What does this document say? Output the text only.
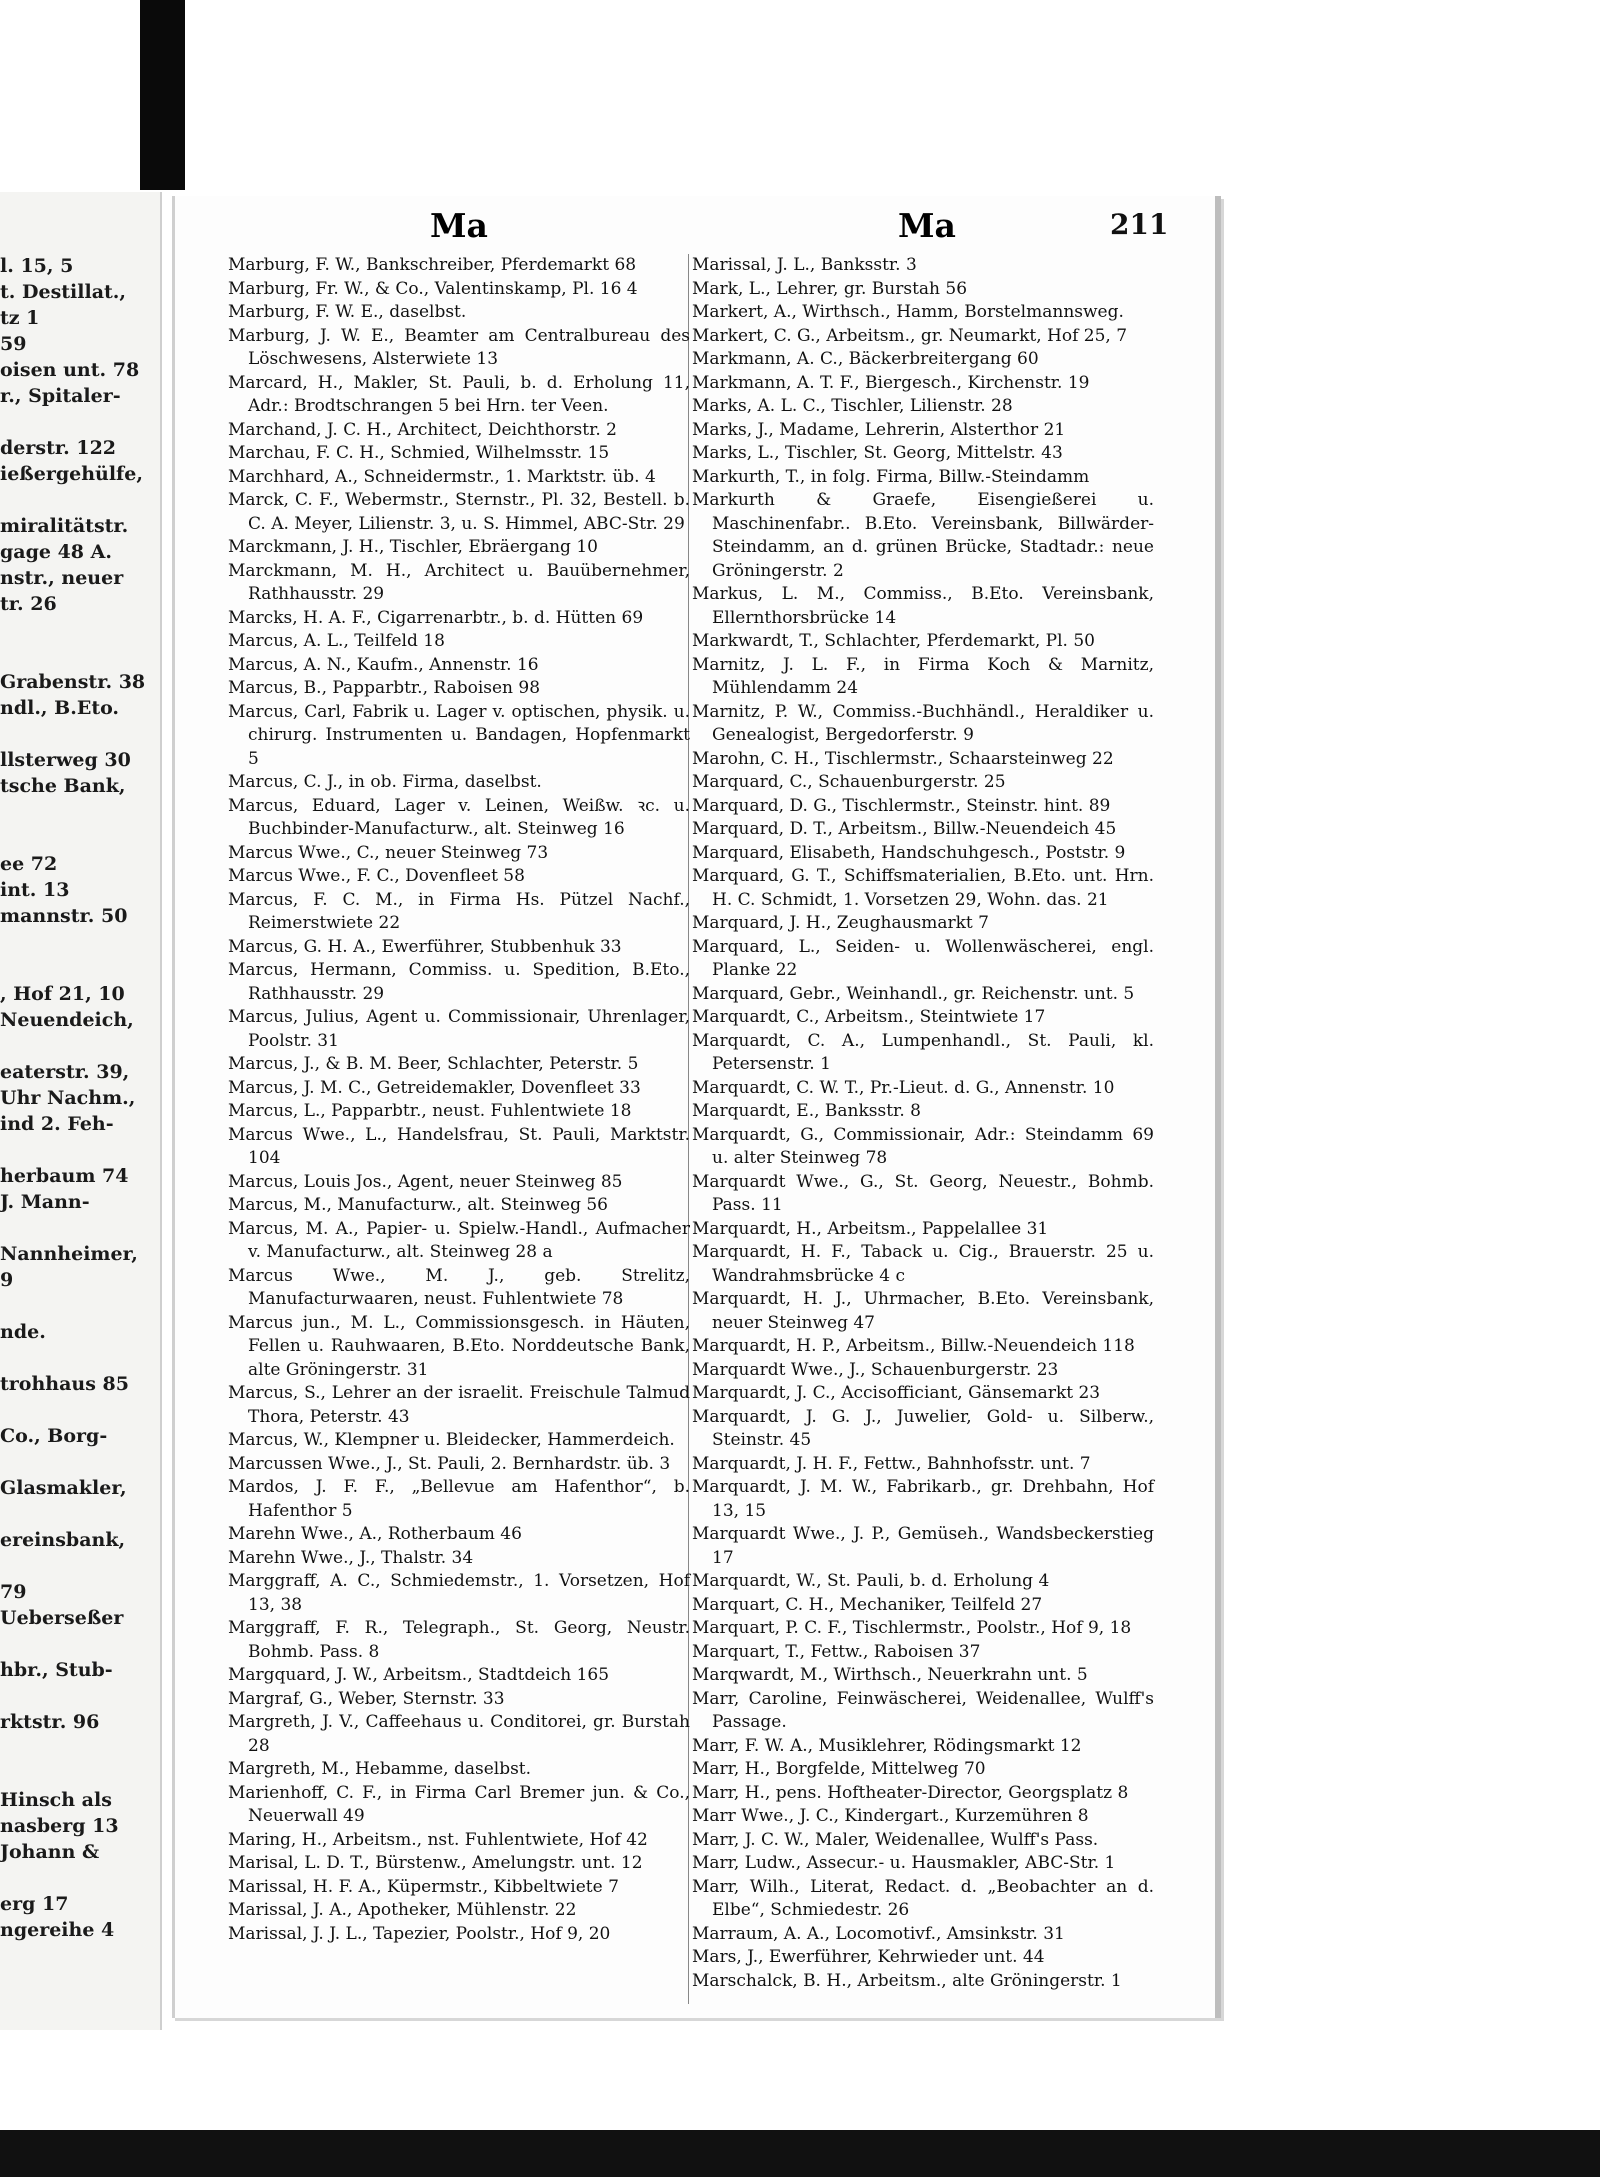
l. 15, 5
t. Destillat.,
tz 1
59
oisen unt. 78
r., Spitaler-
derstr. 122
ießergehülfe,
miralitätstr.
gage 48 A.
nstr., neuer
tr. 26
Grabenstr. 38
ndl., B.Eto.
llsterweg 30
tsche Bank,
ee 72
int. 13
mannstr. 50
, Hof 21, 10
Neuendeich,
eaterstr. 39,
Uhr Nachm.,
ind 2. Feh-
herbaum 74
J. Mann-
Nannheimer,
9
nde.
trohhaus 85
Co., Borg-
Glasmakler,
ereinsbank,
79
Ueberseßer
hbr., Stub-
rktstr. 96
Hinsch als
nasberg 13
Johann &
erg 17
ngereihe 4
Ma	Ma	211
Marburg, F. W., Bankschreiber, Pferdemarkt 68
Marburg, Fr. W., & Co., Valentinskamp, Pl. 16 4
Marburg, F. W. E., daselbst.
Marburg, J. W. E., Beamter am Centralbureau des Löschwesens, Alsterwiete 13
Marcard, H., Makler, St. Pauli, b. d. Erholung 11, Adr.: Brodtschrangen 5 bei Hrn. ter Veen.
Marchand, J. C. H., Architect, Deichthorstr. 2
Marchau, F. C. H., Schmied, Wilhelmsstr. 15
Marchhard, A., Schneidermstr., 1. Marktstr. üb. 4
Marck, C. F., Webermstr., Sternstr., Pl. 32, Bestell. b. C. A. Meyer, Lilienstr. 3, u. S. Himmel, ABC-Str. 29
Marckmann, J. H., Tischler, Ebräergang 10
Marckmann, M. H., Architect u. Bauübernehmer, Rathhausstr. 29
Marcks, H. A. F., Cigarrenarbtr., b. d. Hütten 69
Marcus, A. L., Teilfeld 18
Marcus, A. N., Kaufm., Annenstr. 16
Marcus, B., Papparbtr., Raboisen 98
Marcus, Carl, Fabrik u. Lager v. optischen, physik. u. chirurg. Instrumenten u. Bandagen, Hopfenmarkt 5
Marcus, C. J., in ob. Firma, daselbst.
Marcus, Eduard, Lager v. Leinen, Weißw. ꝛc. u. Buchbinder-Manufacturw., alt. Steinweg 16
Marcus Wwe., C., neuer Steinweg 73
Marcus Wwe., F. C., Dovenfleet 58
Marcus, F. C. M., in Firma Hs. Pützel Nachf., Reimerstwiete 22
Marcus, G. H. A., Ewerführer, Stubbenhuk 33
Marcus, Hermann, Commiss. u. Spedition, B.Eto., Rathhausstr. 29
Marcus, Julius, Agent u. Commissionair, Uhrenlager, Poolstr. 31
Marcus, J., & B. M. Beer, Schlachter, Peterstr. 5
Marcus, J. M. C., Getreidemakler, Dovenfleet 33
Marcus, L., Papparbtr., neust. Fuhlentwiete 18
Marcus Wwe., L., Handelsfrau, St. Pauli, Marktstr. 104
Marcus, Louis Jos., Agent, neuer Steinweg 85
Marcus, M., Manufacturw., alt. Steinweg 56
Marcus, M. A., Papier- u. Spielw.-Handl., Aufmacher v. Manufacturw., alt. Steinweg 28 a
Marcus Wwe., M. J., geb. Strelitz, Manufacturwaaren, neust. Fuhlentwiete 78
Marcus jun., M. L., Commissionsgesch. in Häuten, Fellen u. Rauhwaaren, B.Eto. Norddeutsche Bank, alte Gröningerstr. 31
Marcus, S., Lehrer an der israelit. Freischule Talmud Thora, Peterstr. 43
Marcus, W., Klempner u. Bleidecker, Hammerdeich.
Marcussen Wwe., J., St. Pauli, 2. Bernhardstr. üb. 3
Mardos, J. F. F., „Bellevue am Hafenthor“, b. Hafenthor 5
Marehn Wwe., A., Rotherbaum 46
Marehn Wwe., J., Thalstr. 34
Marggraff, A. C., Schmiedemstr., 1. Vorsetzen, Hof 13, 38
Marggraff, F. R., Telegraph., St. Georg, Neustr. Bohmb. Pass. 8
Margquard, J. W., Arbeitsm., Stadtdeich 165
Margraf, G., Weber, Sternstr. 33
Margreth, J. V., Caffeehaus u. Conditorei, gr. Burstah 28
Margreth, M., Hebamme, daselbst.
Marienhoff, C. F., in Firma Carl Bremer jun. & Co., Neuerwall 49
Maring, H., Arbeitsm., nst. Fuhlentwiete, Hof 42
Marisal, L. D. T., Bürstenw., Amelungstr. unt. 12
Marissal, H. F. A., Küpermstr., Kibbeltwiete 7
Marissal, J. A., Apotheker, Mühlenstr. 22
Marissal, J. J. L., Tapezier, Poolstr., Hof 9, 20
Marissal, J. L., Banksstr. 3
Mark, L., Lehrer, gr. Burstah 56
Markert, A., Wirthsch., Hamm, Borstelmannsweg.
Markert, C. G., Arbeitsm., gr. Neumarkt, Hof 25, 7
Markmann, A. C., Bäckerbreitergang 60
Markmann, A. T. F., Biergesch., Kirchenstr. 19
Marks, A. L. C., Tischler, Lilienstr. 28
Marks, J., Madame, Lehrerin, Alsterthor 21
Marks, L., Tischler, St. Georg, Mittelstr. 43
Markurth, T., in folg. Firma, Billw.-Steindamm
Markurth & Graefe, Eisengießerei u. Maschinenfabr.. B.Eto. Vereinsbank, Billwärder-Steindamm, an d. grünen Brücke, Stadtadr.: neue Gröningerstr. 2
Markus, L. M., Commiss., B.Eto. Vereinsbank, Ellernthorsbrücke 14
Markwardt, T., Schlachter, Pferdemarkt, Pl. 50
Marnitz, J. L. F., in Firma Koch & Marnitz, Mühlendamm 24
Marnitz, P. W., Commiss.-Buchhändl., Heraldiker u. Genealogist, Bergedorferstr. 9
Marohn, C. H., Tischlermstr., Schaarsteinweg 22
Marquard, C., Schauenburgerstr. 25
Marquard, D. G., Tischlermstr., Steinstr. hint. 89
Marquard, D. T., Arbeitsm., Billw.-Neuendeich 45
Marquard, Elisabeth, Handschuhgesch., Poststr. 9
Marquard, G. T., Schiffsmaterialien, B.Eto. unt. Hrn. H. C. Schmidt, 1. Vorsetzen 29, Wohn. das. 21
Marquard, J. H., Zeughausmarkt 7
Marquard, L., Seiden- u. Wollenwäscherei, engl. Planke 22
Marquard, Gebr., Weinhandl., gr. Reichenstr. unt. 5
Marquardt, C., Arbeitsm., Steintwiete 17
Marquardt, C. A., Lumpenhandl., St. Pauli, kl. Petersenstr. 1
Marquardt, C. W. T., Pr.-Lieut. d. G., Annenstr. 10
Marquardt, E., Banksstr. 8
Marquardt, G., Commissionair, Adr.: Steindamm 69 u. alter Steinweg 78
Marquardt Wwe., G., St. Georg, Neuestr., Bohmb. Pass. 11
Marquardt, H., Arbeitsm., Pappelallee 31
Marquardt, H. F., Taback u. Cig., Brauerstr. 25 u. Wandrahmsbrücke 4 c
Marquardt, H. J., Uhrmacher, B.Eto. Vereinsbank, neuer Steinweg 47
Marquardt, H. P., Arbeitsm., Billw.-Neuendeich 118
Marquardt Wwe., J., Schauenburgerstr. 23
Marquardt, J. C., Accisofficiant, Gänsemarkt 23
Marquardt, J. G. J., Juwelier, Gold- u. Silberw., Steinstr. 45
Marquardt, J. H. F., Fettw., Bahnhofsstr. unt. 7
Marquardt, J. M. W., Fabrikarb., gr. Drehbahn, Hof 13, 15
Marquardt Wwe., J. P., Gemüseh., Wandsbeckerstieg 17
Marquardt, W., St. Pauli, b. d. Erholung 4
Marquart, C. H., Mechaniker, Teilfeld 27
Marquart, P. C. F., Tischlermstr., Poolstr., Hof 9, 18
Marquart, T., Fettw., Raboisen 37
Marqwardt, M., Wirthsch., Neuerkrahn unt. 5
Marr, Caroline, Feinwäscherei, Weidenallee, Wulff's Passage.
Marr, F. W. A., Musiklehrer, Rödingsmarkt 12
Marr, H., Borgfelde, Mittelweg 70
Marr, H., pens. Hoftheater-Director, Georgsplatz 8
Marr Wwe., J. C., Kindergart., Kurzemühren 8
Marr, J. C. W., Maler, Weidenallee, Wulff's Pass.
Marr, Ludw., Assecur.- u. Hausmakler, ABC-Str. 1
Marr, Wilh., Literat, Redact. d. „Beobachter an d. Elbe“, Schmiedestr. 26
Marraum, A. A., Locomotivf., Amsinkstr. 31
Mars, J., Ewerführer, Kehrwieder unt. 44
Marschalck, B. H., Arbeitsm., alte Gröningerstr. 1
